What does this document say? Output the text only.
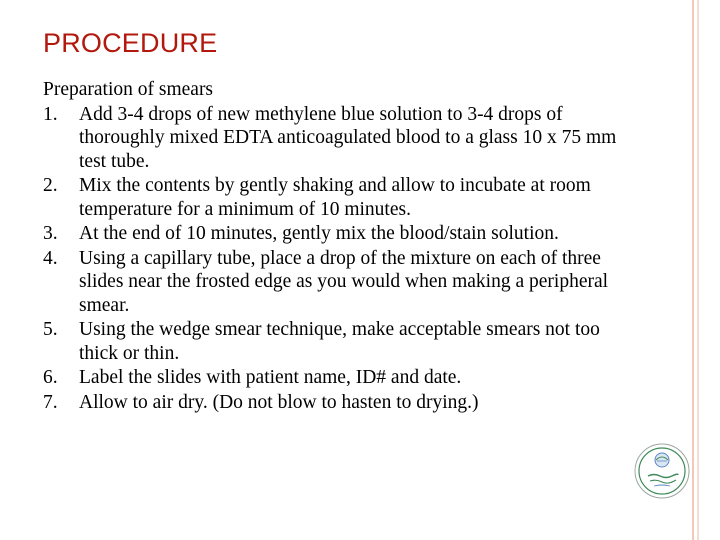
PROCEDURE
Preparation of smears
1. Add 3-4 drops of new methylene blue solution to 3-4 drops of thoroughly mixed EDTA anticoagulated blood to a glass 10 x 75 mm test tube.
2. Mix the contents by gently shaking and allow to incubate at room temperature for a minimum of 10 minutes.
3. At the end of 10 minutes, gently mix the blood/stain solution.
4. Using a capillary tube, place a drop of the mixture on each of three slides near the frosted edge as you would when making a peripheral smear.
5. Using the wedge smear technique, make acceptable smears not too thick or thin.
6. Label the slides with patient name, ID# and date.
7. Allow to air dry. (Do not blow to hasten to drying.)
